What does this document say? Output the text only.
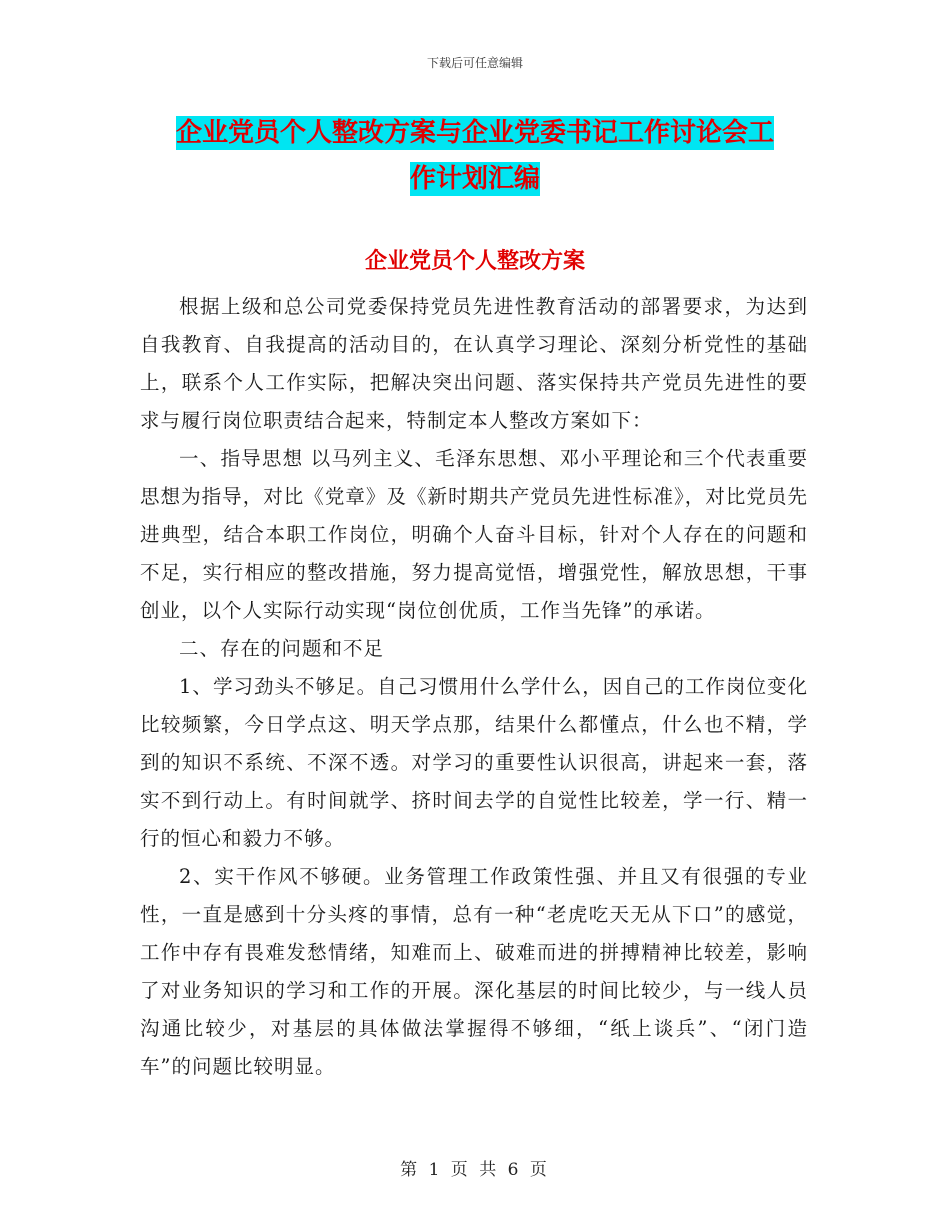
下载后可任意编辑
企业党员个人整改方案与企业党委书记工作讨论会工
作计划汇编
企业党员个人整改方案

根据上级和总公司党委保持党员先进性教育活动的部署要求，为达到自我教育、自我提高的活动目的，在认真学习理论、深刻分析党性的基础上，联系个人工作实际，把解决突出问题、落实保持共产党员先进性的要求与履行岗位职责结合起来，特制定本人整改方案如下：

一、指导思想 以马列主义、毛泽东思想、邓小平理论和三个代表重要思想为指导，对比《党章》及《新时期共产党员先进性标准》，对比党员先进典型，结合本职工作岗位，明确个人奋斗目标，针对个人存在的问题和不足，实行相应的整改措施，努力提高觉悟，增强党性，解放思想，干事创业，以个人实际行动实现“岗位创优质，工作当先锋”的承诺。

二、存在的问题和不足

1、学习劲头不够足。自己习惯用什么学什么，因自己的工作岗位变化比较频繁，今日学点这、明天学点那，结果什么都懂点，什么也不精，学到的知识不系统、不深不透。对学习的重要性认识很高，讲起来一套，落实不到行动上。有时间就学、挤时间去学的自觉性比较差，学一行、精一行的恒心和毅力不够。

2、实干作风不够硬。业务管理工作政策性强、并且又有很强的专业性，一直是感到十分头疼的事情，总有一种“老虎吃天无从下口”的感觉，工作中存有畏难发愁情绪，知难而上、破难而进的拼搏精神比较差，影响了对业务知识的学习和工作的开展。深化基层的时间比较少，与一线人员沟通比较少，对基层的具体做法掌握得不够细，“纸上谈兵”、“闭门造车”的问题比较明显。

第 1 页 共 6 页
